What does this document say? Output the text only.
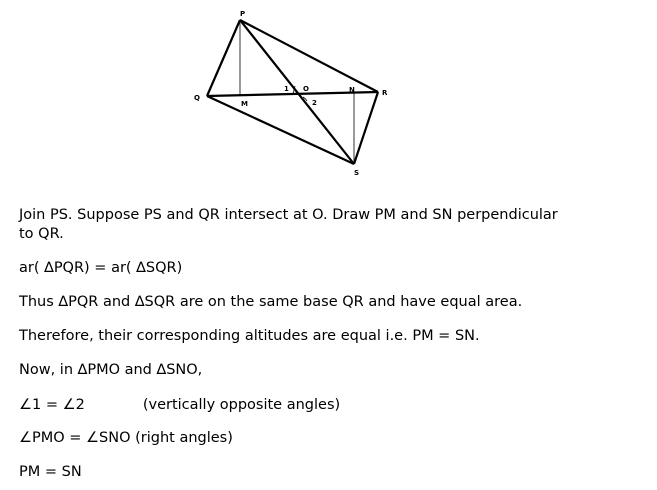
P
Q
R
S
M
N
O
1
2

Join PS. Suppose PS and QR intersect at O. Draw PM and SN perpendicular

to QR.

ar( ∆PQR) = ar( ∆SQR)

Thus ∆PQR and ∆SQR are on the same base QR and have equal area.

Therefore, their corresponding altitudes are equal i.e. PM = SN.

Now, in ∆PMO and ∆SNO,

∠1 = ∠2	(vertically opposite angles)

∠PMO = ∠SNO (right angles)

PM = SN
